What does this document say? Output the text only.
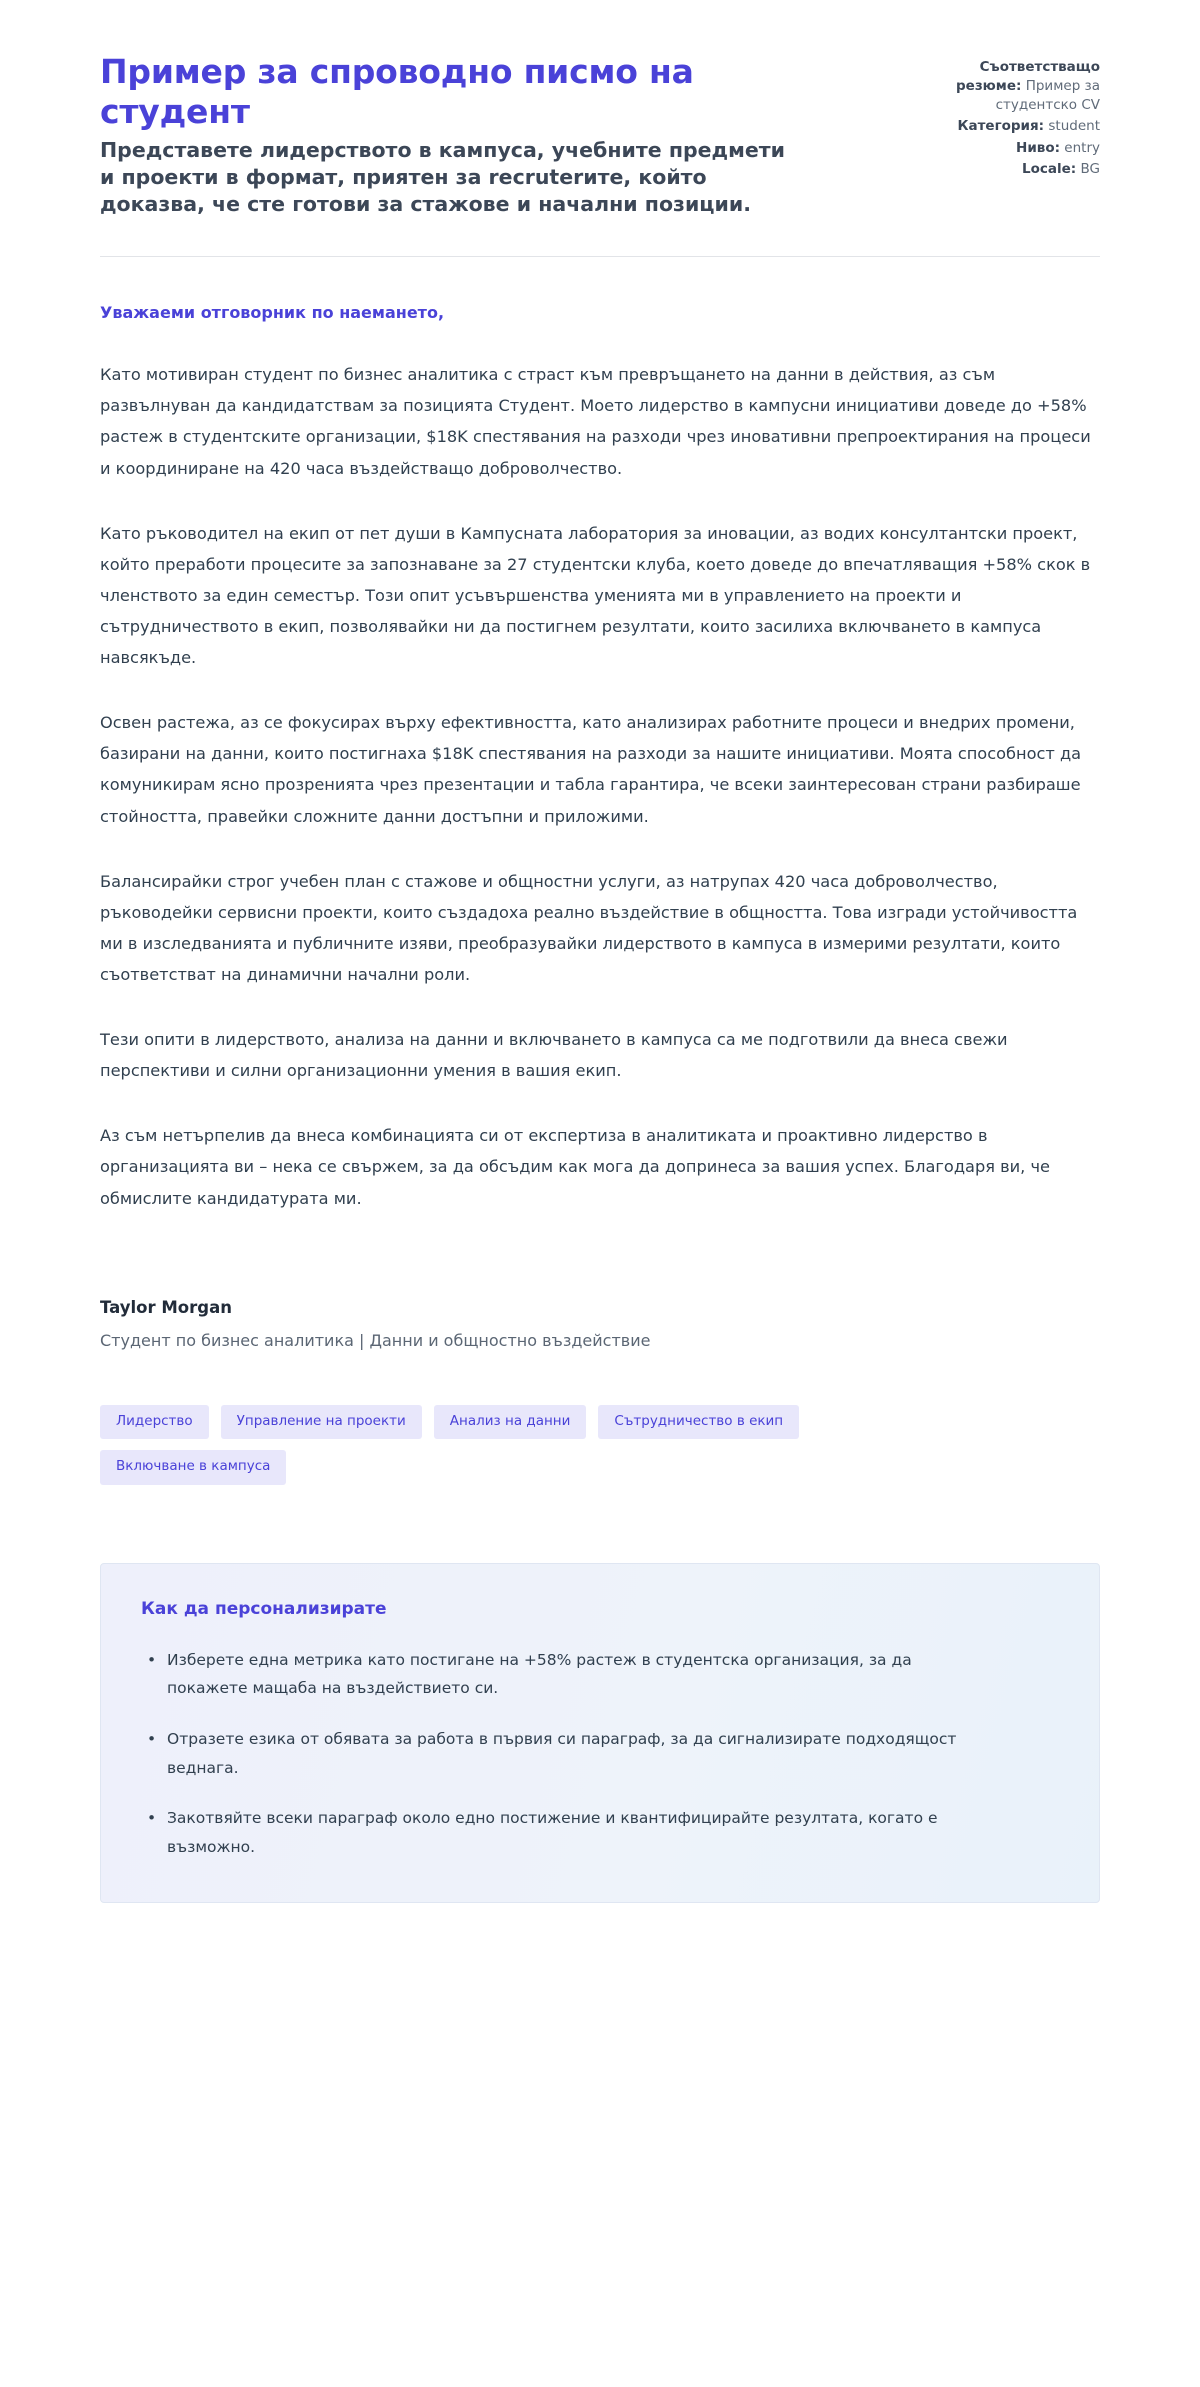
Пример за спроводно писмо на студент

Представете лидерството в кампуса, учебните предмети и проекти в формат, приятен за recruterите, който доказва, че сте готови за стажове и начални позиции.

Съответстващо резюме: Пример за студентско CV
Категория: student
Ниво: entry
Locale: BG

Уважаеми отговорник по наемането,

Като мотивиран студент по бизнес аналитика с страст към превръщането на данни в действия, аз съм развълнуван да кандидатствам за позицията Студент. Моето лидерство в кампусни инициативи доведе до +58% растеж в студентските организации, $18K спестявания на разходи чрез иновативни препроектирания на процеси и координиране на 420 часа въздействащо доброволчество.

Като ръководител на екип от пет души в Кампусната лаборатория за иновации, аз водих консултантски проект, който преработи процесите за запознаване за 27 студентски клуба, което доведе до впечатляващия +58% скок в членството за един семестър. Този опит усъвършенства уменията ми в управлението на проекти и сътрудничеството в екип, позволявайки ни да постигнем резултати, които засилиха включването в кампуса навсякъде.

Освен растежа, аз се фокусирах върху ефективността, като анализирах работните процеси и внедрих промени, базирани на данни, които постигнаха $18K спестявания на разходи за нашите инициативи. Моята способност да комуникирам ясно прозренията чрез презентации и табла гарантира, че всеки заинтересован страни разбираше стойността, правейки сложните данни достъпни и приложими.

Балансирайки строг учебен план с стажове и общностни услуги, аз натрупах 420 часа доброволчество, ръководейки сервисни проекти, които създадоха реално въздействие в общността. Това изгради устойчивостта ми в изследванията и публичните изяви, преобразувайки лидерството в кампуса в измерими резултати, които съответстват на динамични начални роли.

Тези опити в лидерството, анализа на данни и включването в кампуса са ме подготвили да внеса свежи перспективи и силни организационни умения в вашия екип.

Аз съм нетърпелив да внеса комбинацията си от експертиза в аналитиката и проактивно лидерство в организацията ви – нека се свържем, за да обсъдим как мога да допринеса за вашия успех. Благодаря ви, че обмислите кандидатурата ми.

Taylor Morgan

Студент по бизнес аналитика | Данни и общностно въздействие

Лидерство	Управление на проекти	Анализ на данни	Сътрудничество в екип
Включване в кампуса

Как да персонализирате

• Изберете една метрика като постигане на +58% растеж в студентска организация, за да покажете мащаба на въздействието си.
• Отразете езика от обявата за работа в първия си параграф, за да сигнализирате подходящост веднага.
• Закотвяйте всеки параграф около едно постижение и квантифицирайте резултата, когато е възможно.
